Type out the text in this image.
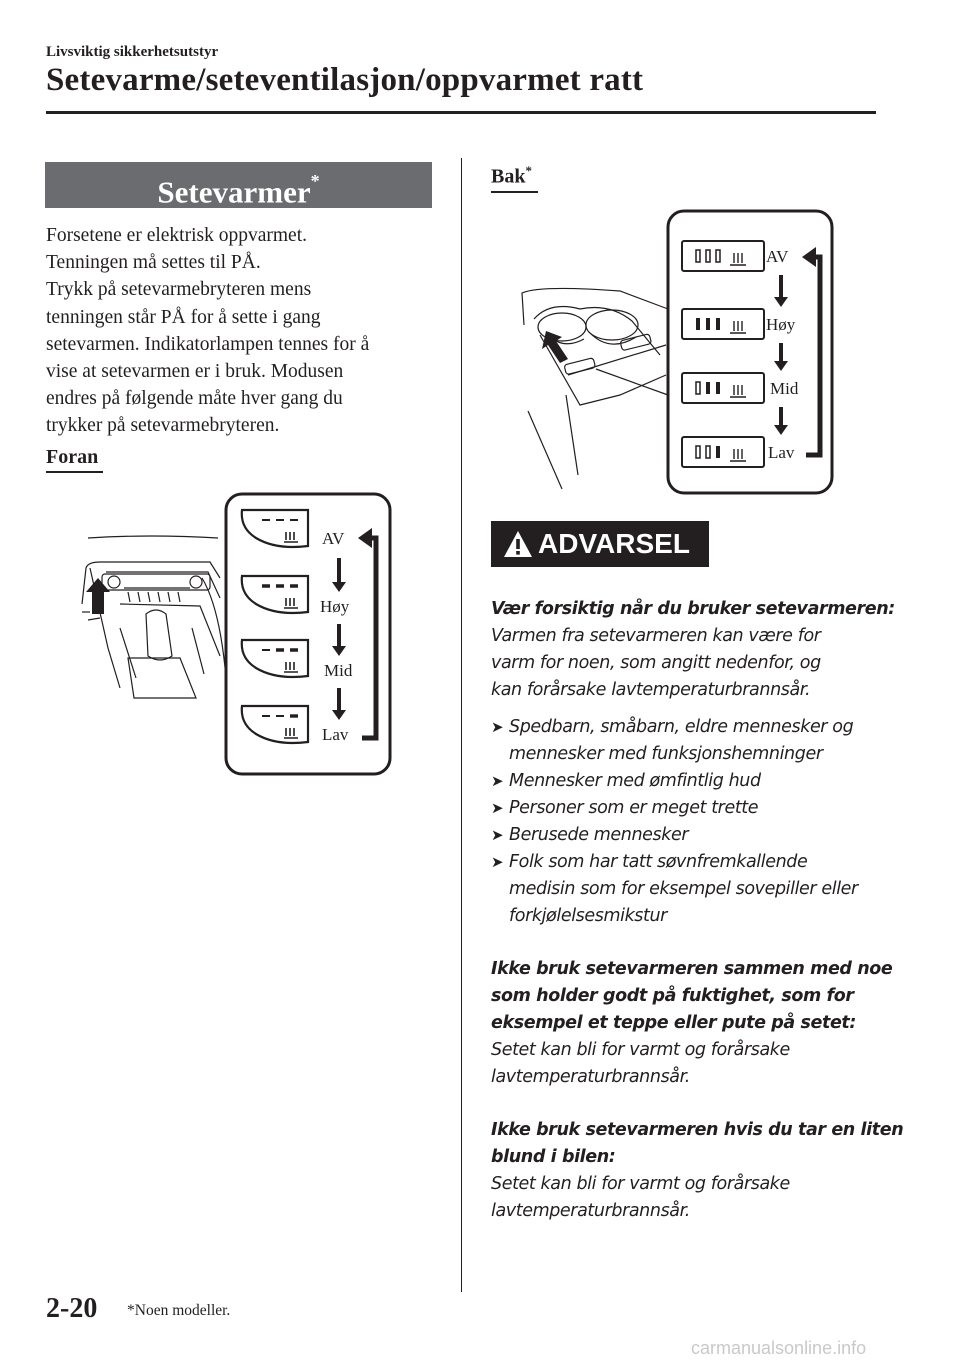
Livsviktig sikkerhetsutstyr
Setevarme/seteventilasjon/oppvarmet ratt
Setevarmer*
Forsetene er elektrisk oppvarmet.
Tenningen må settes til PÅ.
Trykk på setevarmebryteren mens
tenningen står PÅ for å sette i gang
setevarmen. Indikatorlampen tennes for å
vise at setevarmen er i bruk. Modusen
endres på følgende måte hver gang du
trykker på setevarmebryteren.
Foran
AV
Høy
Mid
Lav
Bak*
AV
Høy
Mid
Lav
ADVARSEL
Vær forsiktig når du bruker setevarmeren:
Varmen fra setevarmeren kan være for
varm for noen, som angitt nedenfor, og
kan forårsake lavtemperaturbrannsår.
➤ Spedbarn, småbarn, eldre mennesker og
mennesker med funksjonshemninger
➤ Mennesker med ømfintlig hud
➤ Personer som er meget trette
➤ Berusede mennesker
➤ Folk som har tatt søvnfremkallende
medisin som for eksempel sovepiller eller
forkjølelsesmikstur
Ikke bruk setevarmeren sammen med noe
som holder godt på fuktighet, som for
eksempel et teppe eller pute på setet:
Setet kan bli for varmt og forårsake
lavtemperaturbrannsår.
Ikke bruk setevarmeren hvis du tar en liten
blund i bilen:
Setet kan bli for varmt og forårsake
lavtemperaturbrannsår.
2-20 *Noen modeller.
carmanualsonline.info
